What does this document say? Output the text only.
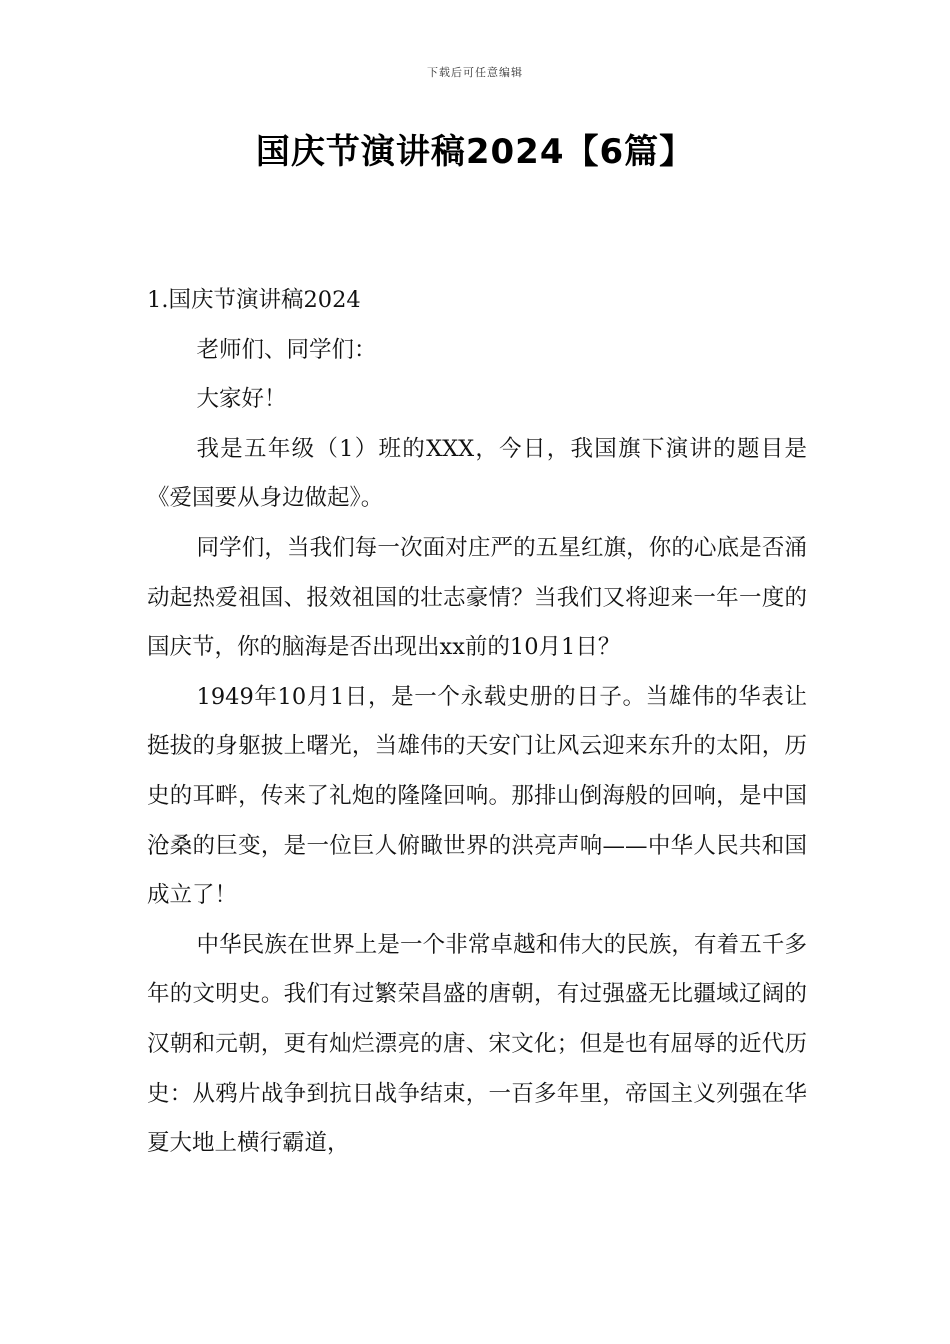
下载后可任意编辑
国庆节演讲稿2024【6篇】
1.国庆节演讲稿2024

老师们、同学们：

大家好！

我是五年级（1）班的XXX，今日，我国旗下演讲的题目是《爱国要从身边做起》。

同学们，当我们每一次面对庄严的五星红旗，你的心底是否涌动起热爱祖国、报效祖国的壮志豪情？当我们又将迎来一年一度的国庆节，你的脑海是否出现出xx前的10月1日？

1949年10月1日，是一个永载史册的日子。当雄伟的华表让挺拔的身躯披上曙光，当雄伟的天安门让风云迎来东升的太阳，历史的耳畔，传来了礼炮的隆隆回响。那排山倒海般的回响，是中国沧桑的巨变，是一位巨人俯瞰世界的洪亮声响——中华人民共和国成立了！

中华民族在世界上是一个非常卓越和伟大的民族，有着五千多年的文明史。我们有过繁荣昌盛的唐朝，有过强盛无比疆域辽阔的汉朝和元朝，更有灿烂漂亮的唐、宋文化；但是也有屈辱的近代历史：从鸦片战争到抗日战争结束，一百多年里，帝国主义列强在华夏大地上横行霸道，
